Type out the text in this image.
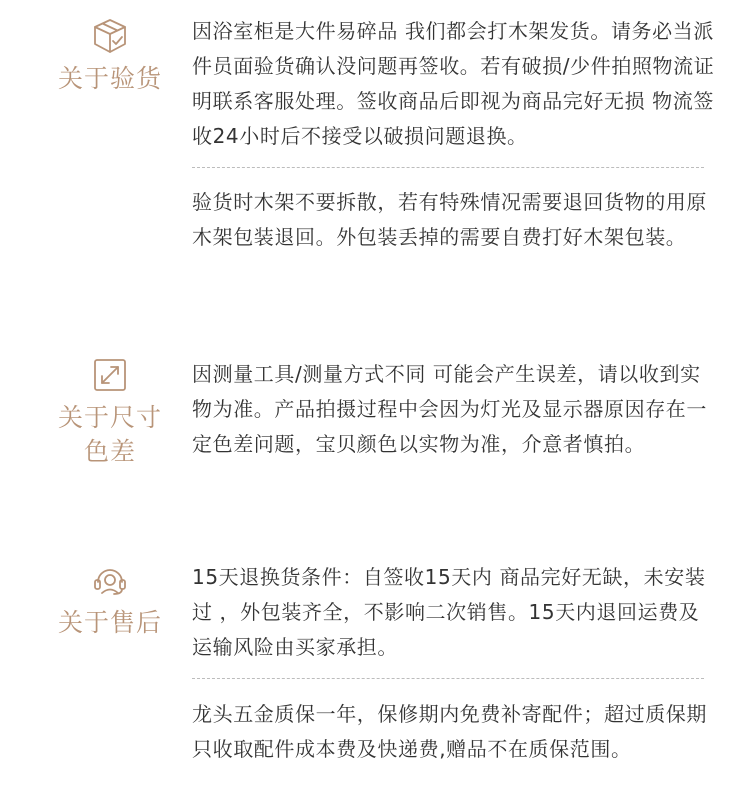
关于验货

因浴室柜是大件易碎品 我们都会打木架发货。请务必当派件员面验货确认没问题再签收。若有破损/少件拍照物流证明联系客服处理。签收商品后即视为商品完好无损 物流签收24小时后不接受以破损问题退换。

验货时木架不要拆散，若有特殊情况需要退回货物的用原木架包装退回。外包装丢掉的需要自费打好木架包装。

关于尺寸
色差

因测量工具/测量方式不同 可能会产生误差，请以收到实物为准。产品拍摄过程中会因为灯光及显示器原因存在一定色差问题，宝贝颜色以实物为准，介意者慎拍。

关于售后

15天退换货条件：自签收15天内 商品完好无缺，未安装过 ，外包装齐全，不影响二次销售。15天内退回运费及运输风险由买家承担。

龙头五金质保一年，保修期内免费补寄配件；超过质保期只收取配件成本费及快递费,赠品不在质保范围。
